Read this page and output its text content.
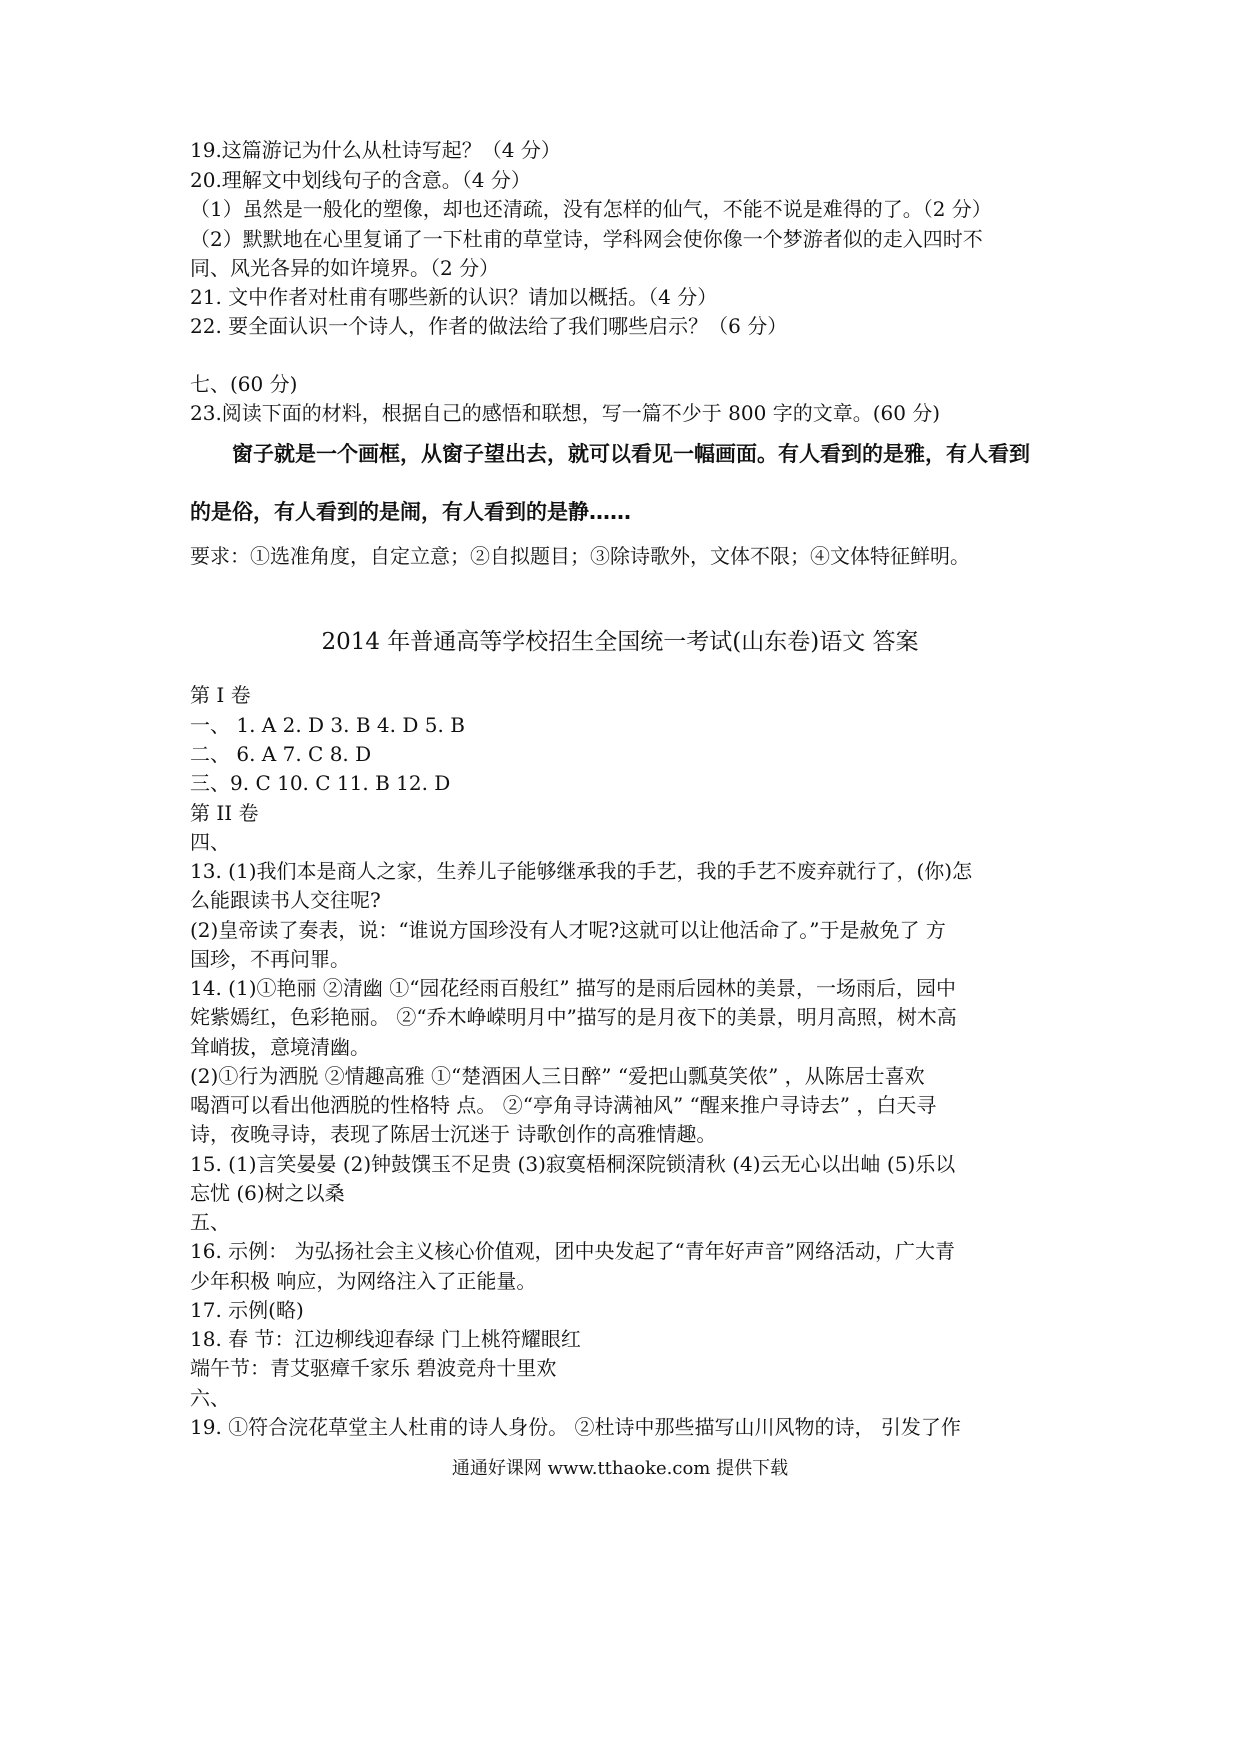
19.这篇游记为什么从杜诗写起？（4 分）
20.理解文中划线句子的含意。（4 分）
（1）虽然是一般化的塑像，却也还清疏，没有怎样的仙气，不能不说是难得的了。（2 分）
（2）默默地在心里复诵了一下杜甫的草堂诗，学科网会使你像一个梦游者似的走入四时不
同、风光各异的如许境界。（2 分）
21. 文中作者对杜甫有哪些新的认识？请加以概括。（4 分）
22. 要全面认识一个诗人，作者的做法给了我们哪些启示？（6 分）
七、(60 分)
23.阅读下面的材料，根据自己的感悟和联想，写一篇不少于 800 字的文章。(60 分)
窗子就是一个画框，从窗子望出去，就可以看见一幅画面。有人看到的是雅，有人看到
的是俗，有人看到的是闹，有人看到的是静……
要求：①选准角度，自定立意；②自拟题目；③除诗歌外，文体不限；④文体特征鲜明。
2014 年普通高等学校招生全国统一考试(山东卷)语文 答案
第 I 卷
一、 1. A 2. D 3. B 4. D 5. B
二、 6. A 7. C 8. D
三、9. C 10. C 11. B 12. D
第 II 卷
四、
13. (1)我们本是商人之家，生养儿子能够继承我的手艺，我的手艺不废弃就行了，(你)怎
么能跟读书人交往呢?
(2)皇帝读了奏表，说：“谁说方国珍没有人才呢?这就可以让他活命了。”于是赦免了 方
国珍，不再问罪。
14. (1)①艳丽 ②清幽 ①“园花经雨百般红” 描写的是雨后园林的美景，一场雨后，园中
姹紫嫣红，色彩艳丽。 ②“乔木峥嵘明月中”描写的是月夜下的美景，明月高照，树木高
耸峭拔，意境清幽。
(2)①行为洒脱 ②情趣高雅 ①“楚酒困人三日醉” “爱把山瓢莫笑侬” ，从陈居士喜欢
喝酒可以看出他洒脱的性格特 点。 ②“亭角寻诗满袖风” “醒来推户寻诗去” ，白天寻
诗，夜晚寻诗，表现了陈居士沉迷于 诗歌创作的高雅情趣。
15. (1)言笑晏晏 (2)钟鼓馔玉不足贵 (3)寂寞梧桐深院锁清秋 (4)云无心以出岫 (5)乐以
忘忧 (6)树之以桑
五、
16. 示例： 为弘扬社会主义核心价值观，团中央发起了“青年好声音”网络活动，广大青
少年积极 响应，为网络注入了正能量。
17. 示例(略)
18. 春 节：江边柳线迎春绿 门上桃符耀眼红
端午节：青艾驱瘴千家乐 碧波竞舟十里欢
六、
19. ①符合浣花草堂主人杜甫的诗人身份。 ②杜诗中那些描写山川风物的诗， 引发了作
通通好课网 www.tthaoke.com 提供下载
